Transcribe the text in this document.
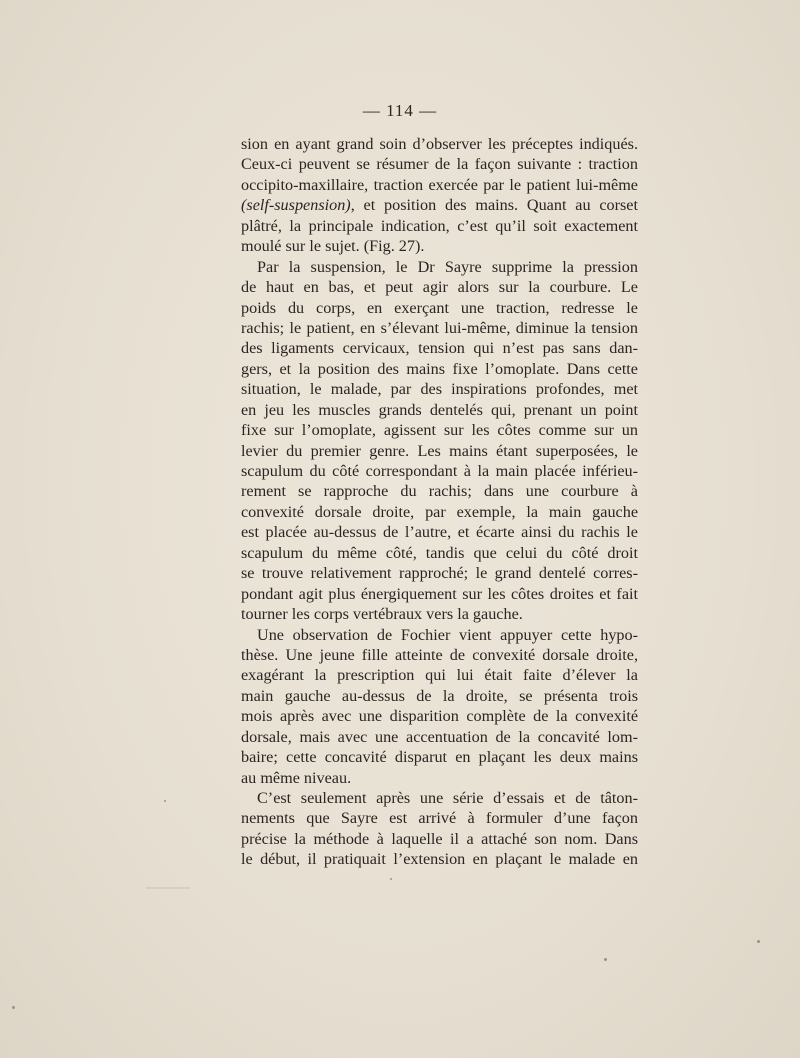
— 114 —
sion en ayant grand soin d’observer les préceptes indiqués.
Ceux-ci peuvent se résumer de la façon suivante : traction
occipito-maxillaire, traction exercée par le patient lui-même
(self-suspension), et position des mains. Quant au corset
plâtré, la principale indication, c’est qu’il soit exactement
moulé sur le sujet. (Fig. 27).
Par la suspension, le Dr Sayre supprime la pression
de haut en bas, et peut agir alors sur la courbure. Le
poids du corps, en exerçant une traction, redresse le
rachis; le patient, en s’élevant lui-même, diminue la tension
des ligaments cervicaux, tension qui n’est pas sans dan-
gers, et la position des mains fixe l’omoplate. Dans cette
situation, le malade, par des inspirations profondes, met
en jeu les muscles grands dentelés qui, prenant un point
fixe sur l’omoplate, agissent sur les côtes comme sur un
levier du premier genre. Les mains étant superposées, le
scapulum du côté correspondant à la main placée inférieu-
rement se rapproche du rachis; dans une courbure à
convexité dorsale droite, par exemple, la main gauche
est placée au-dessus de l’autre, et écarte ainsi du rachis le
scapulum du même côté, tandis que celui du côté droit
se trouve relativement rapproché; le grand dentelé corres-
pondant agit plus énergiquement sur les côtes droites et fait
tourner les corps vertébraux vers la gauche.
Une observation de Fochier vient appuyer cette hypo-
thèse. Une jeune fille atteinte de convexité dorsale droite,
exagérant la prescription qui lui était faite d’élever la
main gauche au-dessus de la droite, se présenta trois
mois après avec une disparition complète de la convexité
dorsale, mais avec une accentuation de la concavité lom-
baire; cette concavité disparut en plaçant les deux mains
au même niveau.
C’est seulement après une série d’essais et de tâton-
nements que Sayre est arrivé à formuler d’une façon
précise la méthode à laquelle il a attaché son nom. Dans
le début, il pratiquait l’extension en plaçant le malade en
